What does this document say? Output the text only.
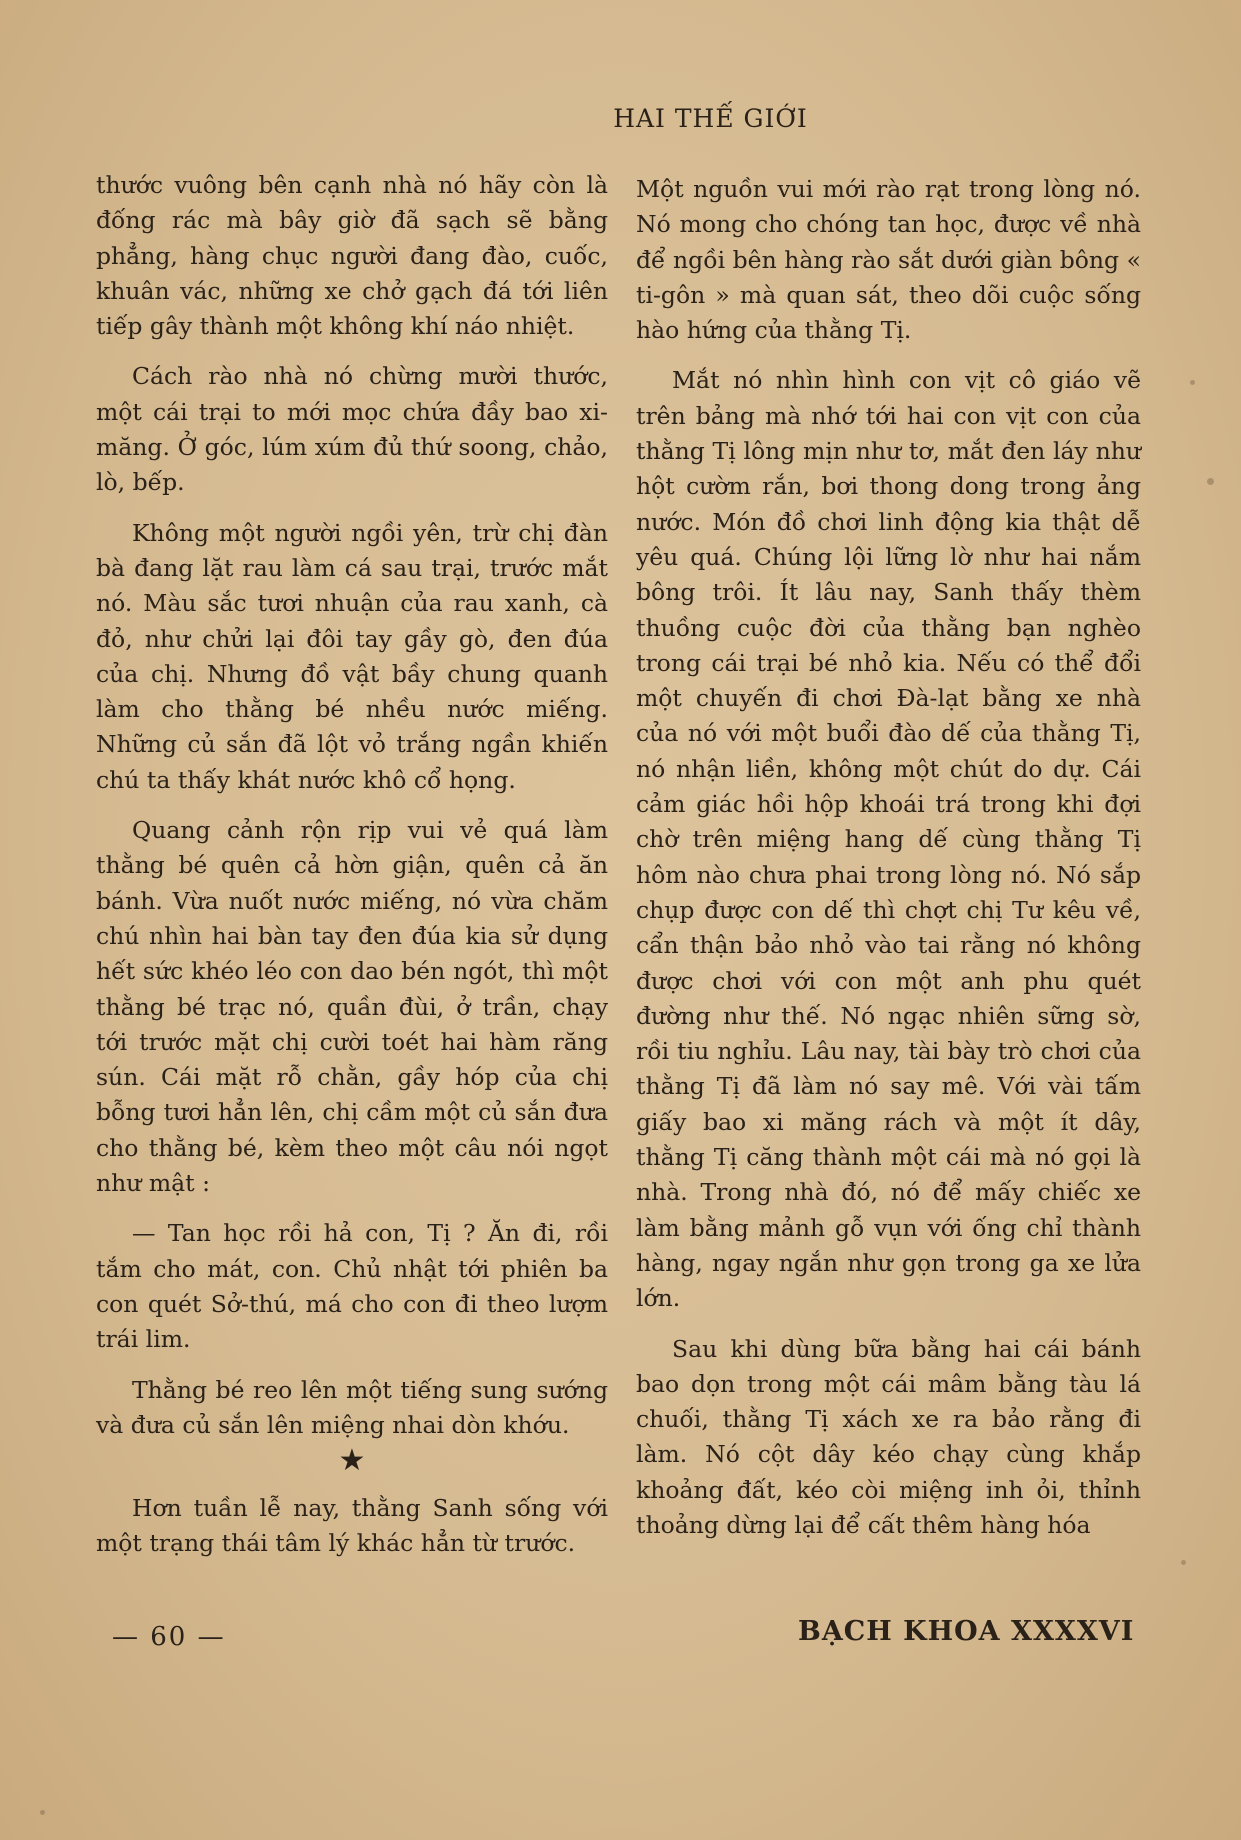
HAI THẾ GIỚI

thước vuông bên cạnh nhà nó hãy còn là đống rác mà bây giờ đã sạch sẽ bằng phẳng, hàng chục người đang đào, cuốc, khuân vác, những xe chở gạch đá tới liên tiếp gây thành một không khí náo nhiệt.

Cách rào nhà nó chừng mười thước, một cái trại to mới mọc chứa đầy bao xi-măng. Ở góc, lúm xúm đủ thứ soong, chảo, lò, bếp.

Không một người ngồi yên, trừ chị đàn bà đang lặt rau làm cá sau trại, trước mắt nó. Màu sắc tươi nhuận của rau xanh, cà đỏ, như chửi lại đôi tay gầy gò, đen đúa của chị. Nhưng đồ vật bầy chung quanh làm cho thằng bé nhều nước miếng. Những củ sắn đã lột vỏ trắng ngần khiến chú ta thấy khát nước khô cổ họng.

Quang cảnh rộn rịp vui vẻ quá làm thằng bé quên cả hờn giận, quên cả ăn bánh. Vừa nuốt nước miếng, nó vừa chăm chú nhìn hai bàn tay đen đúa kia sử dụng hết sức khéo léo con dao bén ngót, thì một thằng bé trạc nó, quần đùi, ở trần, chạy tới trước mặt chị cười toét hai hàm răng sún. Cái mặt rỗ chằn, gầy hóp của chị bỗng tươi hẳn lên, chị cầm một củ sắn đưa cho thằng bé, kèm theo một câu nói ngọt như mật :

— Tan học rồi hả con, Tị ? Ăn đi, rồi tắm cho mát, con. Chủ nhật tới phiên ba con quét Sở-thú, má cho con đi theo lượm trái lim.

Thằng bé reo lên một tiếng sung sướng và đưa củ sắn lên miệng nhai dòn khớu.

★

Hơn tuần lễ nay, thằng Sanh sống với một trạng thái tâm lý khác hẳn từ trước.

Một nguồn vui mới rào rạt trong lòng nó. Nó mong cho chóng tan học, được về nhà để ngồi bên hàng rào sắt dưới giàn bông « ti-gôn » mà quan sát, theo dõi cuộc sống hào hứng của thằng Tị.

Mắt nó nhìn hình con vịt cô giáo vẽ trên bảng mà nhớ tới hai con vịt con của thằng Tị lông mịn như tơ, mắt đen láy như hột cườm rắn, bơi thong dong trong ảng nước. Món đồ chơi linh động kia thật dễ yêu quá. Chúng lội lững lờ như hai nắm bông trôi. Ít lâu nay, Sanh thấy thèm thuồng cuộc đời của thằng bạn nghèo trong cái trại bé nhỏ kia. Nếu có thể đổi một chuyến đi chơi Đà-lạt bằng xe nhà của nó với một buổi đào dế của thằng Tị, nó nhận liền, không một chút do dự. Cái cảm giác hồi hộp khoái trá trong khi đợi chờ trên miệng hang dế cùng thằng Tị hôm nào chưa phai trong lòng nó. Nó sắp chụp được con dế thì chợt chị Tư kêu về, cẩn thận bảo nhỏ vào tai rằng nó không được chơi với con một anh phu quét đường như thế. Nó ngạc nhiên sững sờ, rồi tiu nghỉu. Lâu nay, tài bày trò chơi của thằng Tị đã làm nó say mê. Với vài tấm giấy bao xi măng rách và một ít dây, thằng Tị căng thành một cái mà nó gọi là nhà. Trong nhà đó, nó để mấy chiếc xe làm bằng mảnh gỗ vụn với ống chỉ thành hàng, ngay ngắn như gọn trong ga xe lửa lớn.

Sau khi dùng bữa bằng hai cái bánh bao dọn trong một cái mâm bằng tàu lá chuối, thằng Tị xách xe ra bảo rằng đi làm. Nó cột dây kéo chạy cùng khắp khoảng đất, kéo còi miệng inh ỏi, thỉnh thoảng dừng lại để cất thêm hàng hóa

— 60 —	BẠCH KHOA XXXXVI
